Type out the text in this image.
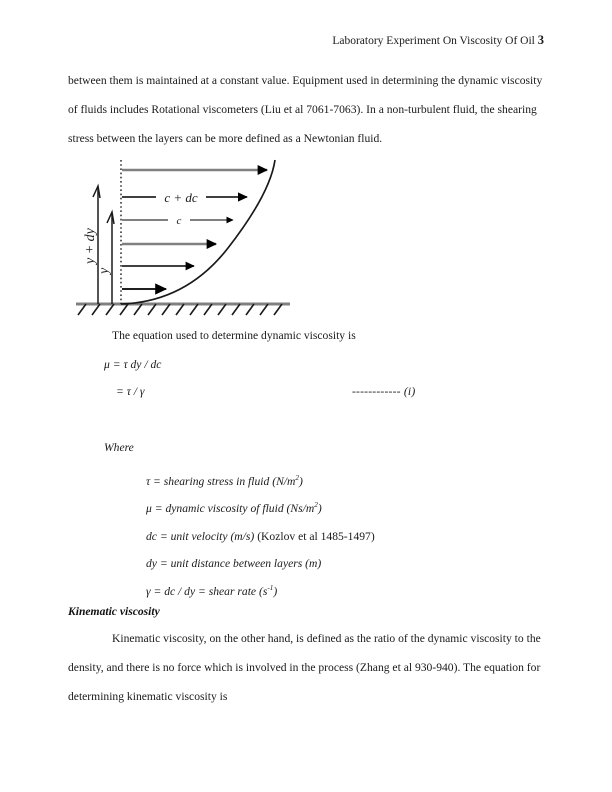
Laboratory Experiment On Viscosity Of Oil 3
between them is maintained at a constant value. Equipment used in determining the dynamic viscosity of fluids includes Rotational viscometers (Liu et al 7061-7063). In a non-turbulent fluid, the shearing stress between the layers can be more defined as a Newtonian fluid.
c + dc
c
y + dy
y
The equation used to determine dynamic viscosity is
μ = τ dy / dc
= τ / γ	------------ (i)
Where
τ = shearing stress in fluid $(N/m^2)$
μ = dynamic viscosity of fluid $(Ns/m^2)$
dc = unit velocity (m/s) (Kozlov et al 1485-1497)
dy = unit distance between layers (m)
γ = dc / dy = shear rate $(s^{-1})$
Kinematic viscosity
Kinematic viscosity, on the other hand, is defined as the ratio of the dynamic viscosity to the density, and there is no force which is involved in the process (Zhang et al 930-940). The equation for determining kinematic viscosity is
